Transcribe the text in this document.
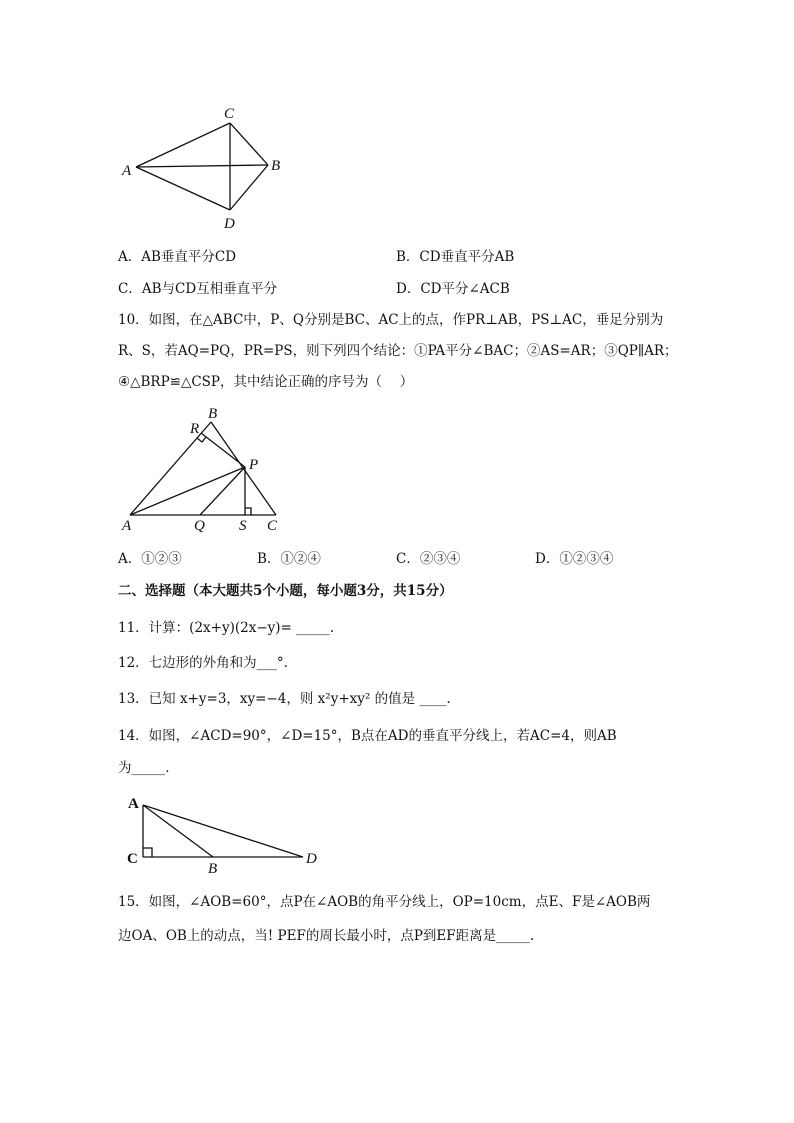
A
C
B
D
A．AB垂直平分CD	B．CD垂直平分AB
C．AB与CD互相垂直平分	D．CD平分∠ACB
10．如图，在△ABC中，P、Q分别是BC、AC上的点，作PR⊥AB，PS⊥AC，垂足分别为
R、S，若AQ=PQ，PR=PS，则下列四个结论：①PA平分∠BAC；②AS=AR；③QP∥AR；
④△BRP≌△CSP，其中结论正确的序号为（　 ）
B
R
P
A	Q S C
A．①②③	B．①②④	C．②③④	D．①②③④
二、选择题（本大题共5个小题，每小题3分，共15分）
11．计算：(2x+y)(2x−y)= _____.
12．七边形的外角和为___°.
13．已知 x+y=3，xy=−4，则 x²y+xy² 的值是 ____.
14．如图，∠ACD=90°，∠D=15°，B点在AD的垂直平分线上，若AC=4，则AB
为_____.
A
C
B
D
15．如图，∠AOB=60°，点P在∠AOB的角平分线上，OP=10cm，点E、F是∠AOB两
边OA、OB上的动点，当! PEF的周长最小时，点P到EF距离是_____.
